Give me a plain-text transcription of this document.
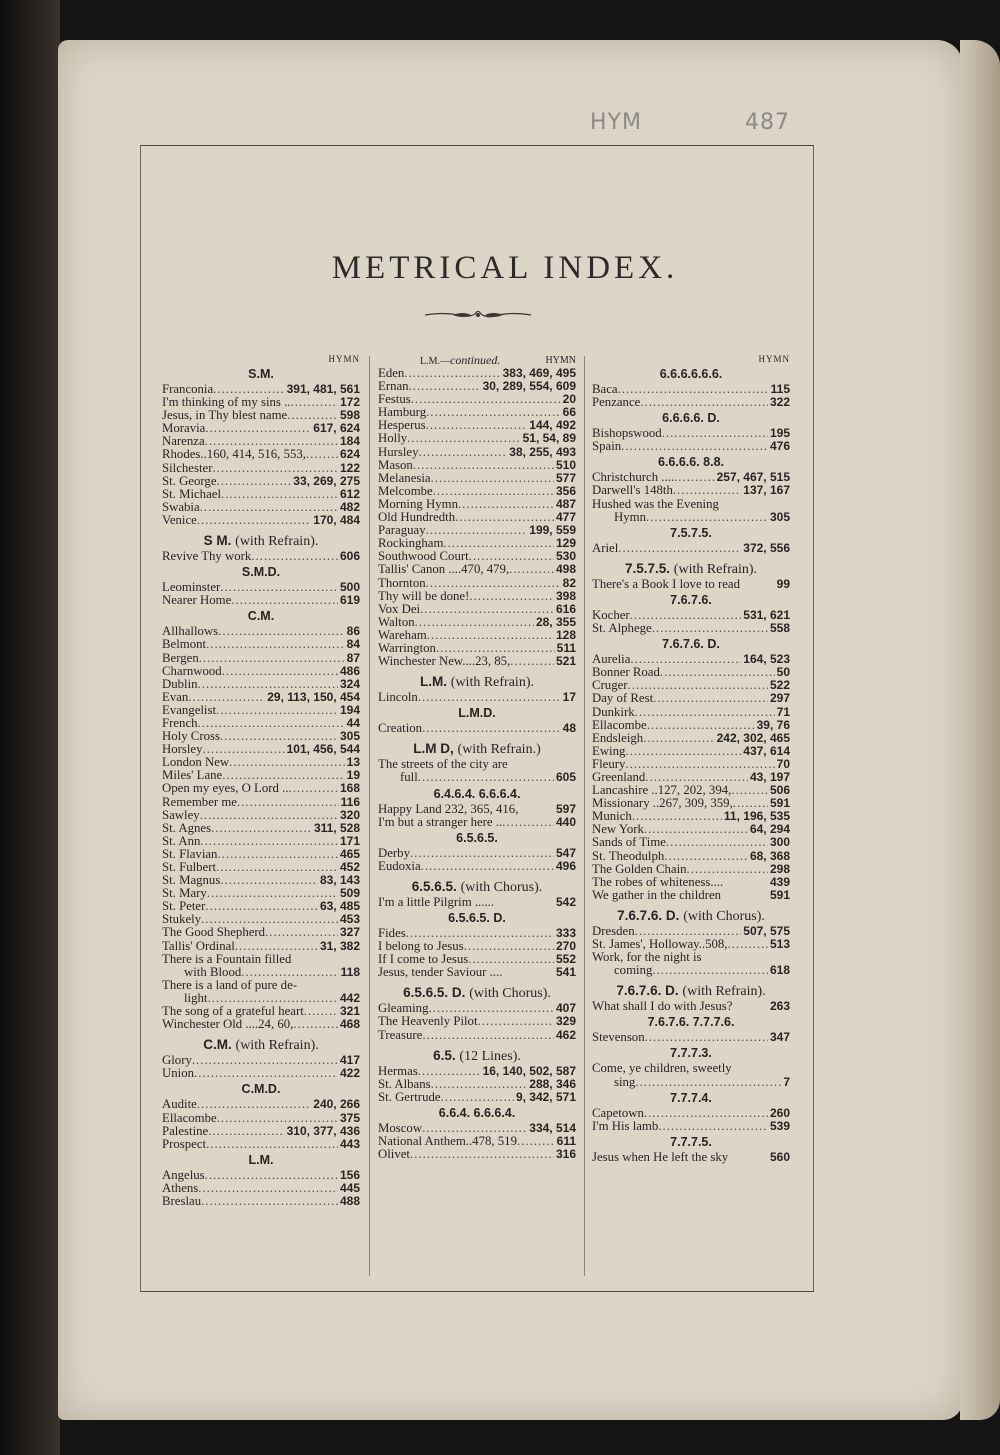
HYM	487
METRICAL INDEX.
HYMN
S.M.
Franconia .....	391, 481, 561
I'm thinking of my sins .. .....	172
Jesus, in Thy blest name .....	598
Moravia .....	617, 624
Narenza .....	184
Rhodes..160, 414, 516, 553, .....	624
Silchester .....	122
St. George .....	33, 269, 275
St. Michael .....	612
Swabia .....	482
Venice .....	170, 484
S M. (with Refrain).
Revive Thy work .....	606
S.M.D.
Leominster .....	500
Nearer Home .....	619
C.M.
Allhallows .....	86
Belmont .....	84
Bergen .....	87
Charnwood .....	486
Dublin .....	324
Evan .....	29, 113, 150, 454
Evangelist .....	194
French .....	44
Holy Cross .....	305
Horsley .....	101, 456, 544
London New .....	13
Miles' Lane .....	19
Open my eyes, O Lord .. .....	168
Remember me .....	116
Sawley .....	320
St. Agnes .....	311, 528
St. Ann .....	171
St. Flavian .....	465
St. Fulbert .....	452
St. Magnus .....	83, 143
St. Mary .....	509
St. Peter .....	63, 485
Stukely .....	453
The Good Shepherd .....	327
Tallis' Ordinal .....	31, 382
There is a Fountain filled
with Blood .....	118
There is a land of pure de-
light .....	442
The song of a grateful heart .....	321
Winchester Old ....24, 60, .....	468
C.M. (with Refrain).
Glory .....	417
Union .....	422
C.M.D.
Audite .....	240, 266
Ellacombe .....	375
Palestine .....	310, 377, 436
Prospect .....	443
L.M.
Angelus .....	156
Athens .....	445
Breslau .....	488
L.M.—continued.	HYMN
Eden .....	383, 469, 495
Ernan .....	30, 289, 554, 609
Festus .....	20
Hamburg .....	66
Hesperus .....	144, 492
Holly .....	51, 54, 89
Hursley .....	38, 255, 493
Mason .....	510
Melanesia .....	577
Melcombe .....	356
Morning Hymn .....	487
Old Hundredth .....	477
Paraguay .....	199, 559
Rockingham .....	129
Southwood Court .....	530
Tallis' Canon ....470, 479, .....	498
Thornton .....	82
Thy will be done! .....	398
Vox Dei .....	616
Walton .....	28, 355
Wareham .....	128
Warrington .....	511
Winchester New....23, 85, .....	521
L.M. (with Refrain).
Lincoln .....	17
L.M.D.
Creation .....	48
L.M D, (with Refrain.)
The streets of the city are
full .....	605
6.4.6.4. 6.6.6.4.
Happy Land 232, 365, 416,	597
I'm but a stranger here .. .....	440
6.5.6.5.
Derby .....	547
Eudoxia .....	496
6.5.6.5. (with Chorus).
I'm a little Pilgrim ......	542
6.5.6.5. D.
Fides .....	333
I belong to Jesus .....	270
If I come to Jesus .....	552
Jesus, tender Saviour ....	541
6.5.6.5. D. (with Chorus).
Gleaming .....	407
The Heavenly Pilot .....	329
Treasure .....	462
6.5. (12 Lines).
Hermas .....	16, 140, 502, 587
St. Albans .....	288, 346
St. Gertrude .....	9, 342, 571
6.6.4. 6.6.6.4.
Moscow .....	334, 514
National Anthem..478, 519 .....	611
Olivet .....	316
HYMN
6.6.6.6.6.6.
Baca .....	115
Penzance .....	322
6.6.6.6. D.
Bishopswood .....	195
Spain .....	476
6.6.6.6. 8.8.
Christchurch .... .....	257, 467, 515
Darwell's 148th .....	137, 167
Hushed was the Evening
Hymn .....	305
7.5.7.5.
Ariel .....	372, 556
7.5.7.5. (with Refrain).
There's a Book I love to read	99
7.6.7.6.
Kocher .....	531, 621
St. Alphege .....	558
7.6.7.6. D.
Aurelia .....	164, 523
Bonner Road .....	50
Cruger .....	522
Day of Rest .....	297
Dunkirk .....	71
Ellacombe .....	39, 76
Endsleigh .....	242, 302, 465
Ewing .....	437, 614
Fleury .....	70
Greenland .....	43, 197
Lancashire ..127, 202, 394, .....	506
Missionary ..267, 309, 359, .....	591
Munich .....	11, 196, 535
New York .....	64, 294
Sands of Time .....	300
St. Theodulph .....	68, 368
The Golden Chain .....	298
The robes of whiteness....	439
We gather in the children	591
7.6.7.6. D. (with Chorus).
Dresden .....	507, 575
St. James', Holloway..508, .....	513
Work, for the night is
coming .....	618
7.6.7.6. D. (with Refrain).
What shall I do with Jesus?	263
7.6.7.6. 7.7.7.6.
Stevenson .....	347
7.7.7.3.
Come, ye children, sweetly
sing .....	7
7.7.7.4.
Capetown .....	260
I'm His lamb .....	539
7.7.7.5.
Jesus when He left the sky	560
